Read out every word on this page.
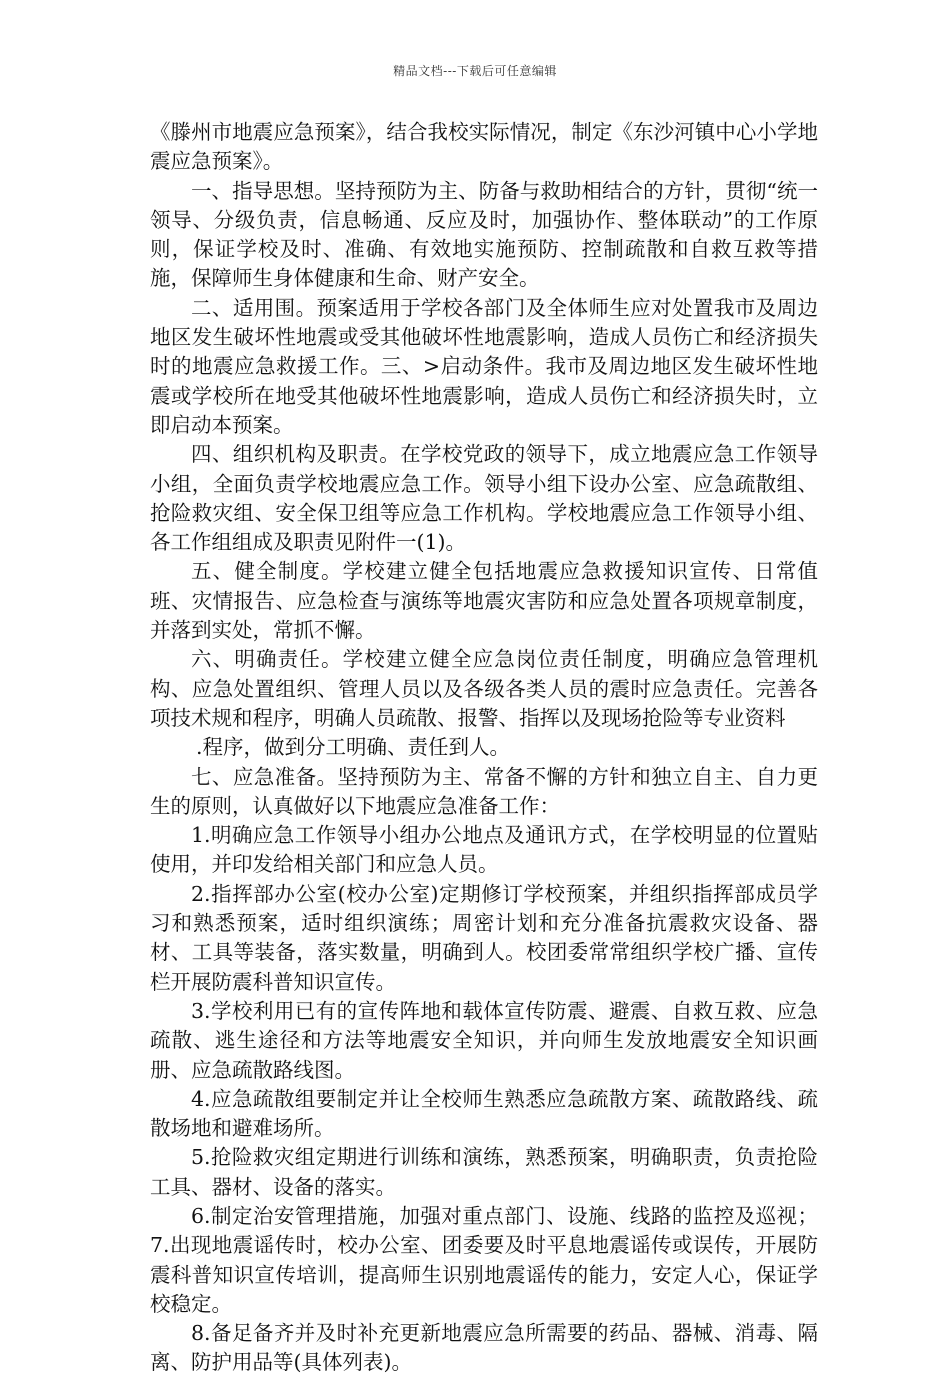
精品文档---下载后可任意编辑

《滕州市地震应急预案》，结合我校实际情况，制定《东沙河镇中心小学地震应急预案》。

一、指导思想。坚持预防为主、防备与救助相结合的方针，贯彻“统一领导、分级负责，信息畅通、反应及时，加强协作、整体联动”的工作原则，保证学校及时、准确、有效地实施预防、控制疏散和自救互救等措施，保障师生身体健康和生命、财产安全。

二、适用围。预案适用于学校各部门及全体师生应对处置我市及周边地区发生破坏性地震或受其他破坏性地震影响，造成人员伤亡和经济损失时的地震应急救援工作。三、>启动条件。我市及周边地区发生破坏性地震或学校所在地受其他破坏性地震影响，造成人员伤亡和经济损失时，立即启动本预案。

四、组织机构及职责。在学校党政的领导下，成立地震应急工作领导小组，全面负责学校地震应急工作。领导小组下设办公室、应急疏散组、抢险救灾组、安全保卫组等应急工作机构。学校地震应急工作领导小组、各工作组组成及职责见附件一(1)。

五、健全制度。学校建立健全包括地震应急救援知识宣传、日常值班、灾情报告、应急检查与演练等地震灾害防和应急处置各项规章制度，并落到实处，常抓不懈。

六、明确责任。学校建立健全应急岗位责任制度，明确应急管理机构、应急处置组织、管理人员以及各级各类人员的震时应急责任。完善各项技术规和程序，明确人员疏散、报警、指挥以及现场抢险等专业资料

.程序，做到分工明确、责任到人。

七、应急准备。坚持预防为主、常备不懈的方针和独立自主、自力更生的原则，认真做好以下地震应急准备工作：

1.明确应急工作领导小组办公地点及通讯方式，在学校明显的位置贴使用，并印发给相关部门和应急人员。

2.指挥部办公室(校办公室)定期修订学校预案，并组织指挥部成员学习和熟悉预案，适时组织演练；周密计划和充分准备抗震救灾设备、器材、工具等装备，落实数量，明确到人。校团委常常组织学校广播、宣传栏开展防震科普知识宣传。

3.学校利用已有的宣传阵地和载体宣传防震、避震、自救互救、应急疏散、逃生途径和方法等地震安全知识，并向师生发放地震安全知识画册、应急疏散路线图。

4.应急疏散组要制定并让全校师生熟悉应急疏散方案、疏散路线、疏散场地和避难场所。

5.抢险救灾组定期进行训练和演练，熟悉预案，明确职责，负责抢险工具、器材、设备的落实。

6.制定治安管理措施，加强对重点部门、设施、线路的监控及巡视； 7.出现地震谣传时，校办公室、团委要及时平息地震谣传或误传，开展防震科普知识宣传培训，提高师生识别地震谣传的能力，安定人心，保证学校稳定。

8.备足备齐并及时补充更新地震应急所需要的药品、器械、消毒、隔离、防护用品等(具体列表)。
